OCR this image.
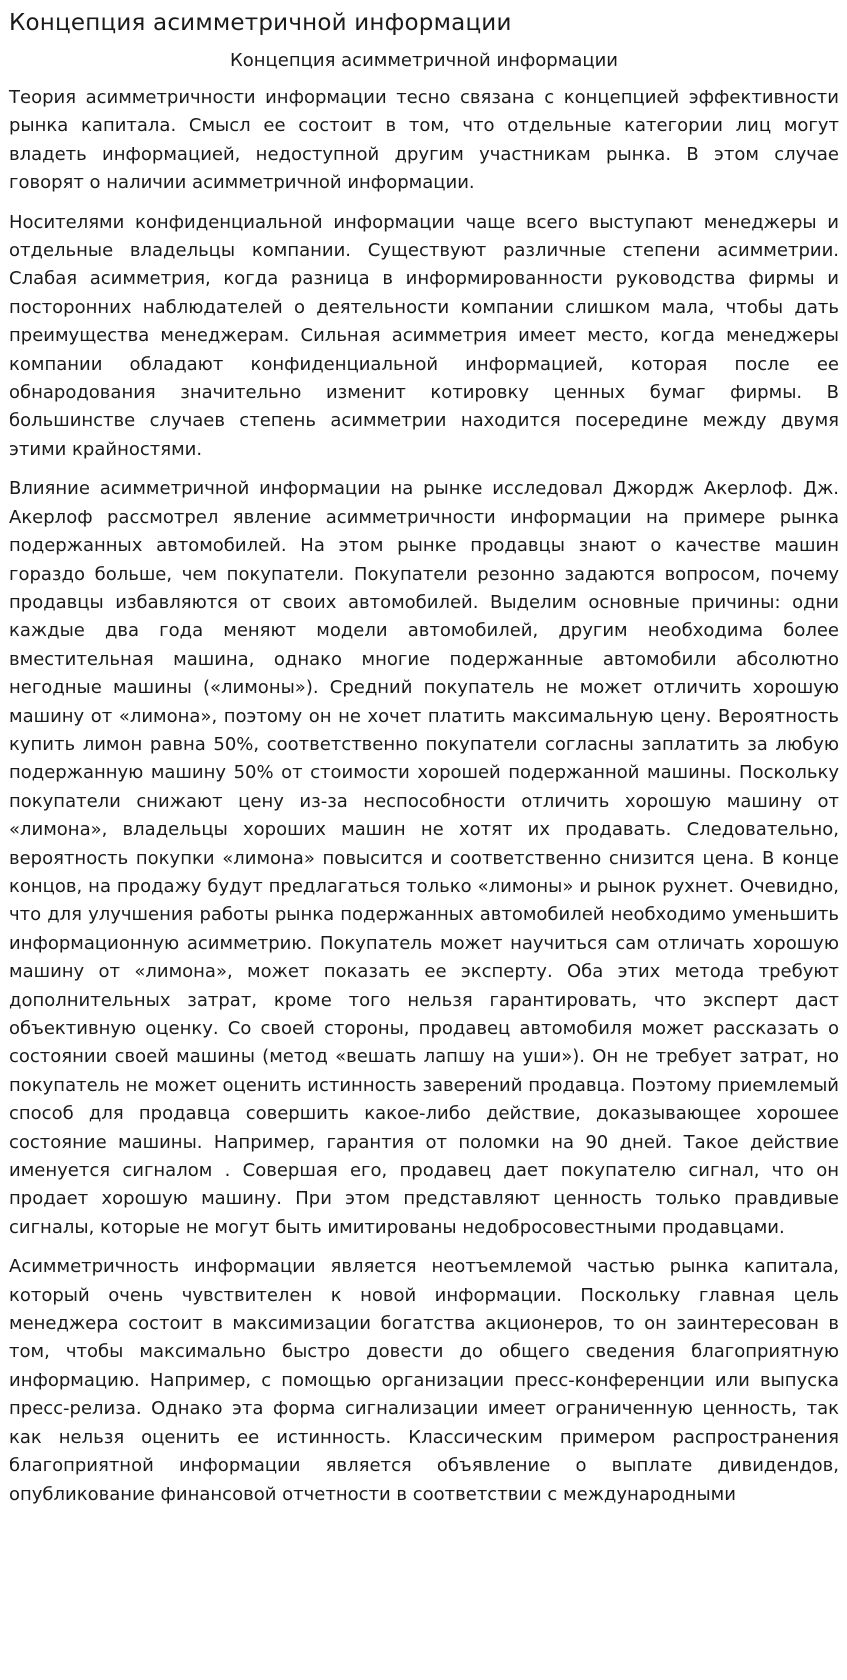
Концепция асимметричной информации
Концепция асимметричной информации

Теория асимметричности информации тесно связана с концепцией эффективности рынка капитала. Смысл ее состоит в том, что отдельные категории лиц могут владеть информацией, недоступной другим участникам рынка. В этом случае говорят о наличии асимметричной информации.

Носителями конфиденциальной информации чаще всего выступают менеджеры и отдельные владельцы компании. Существуют различные степени асимметрии. Слабая асимметрия, когда разница в информированности руководства фирмы и посторонних наблюдателей о деятельности компании слишком мала, чтобы дать преимущества менеджерам. Сильная асимметрия имеет место, когда менеджеры компании обладают конфиденциальной информацией, которая после ее обнародования значительно изменит котировку ценных бумаг фирмы. В большинстве случаев степень асимметрии находится посередине между двумя этими крайностями.

Влияние асимметричной информации на рынке исследовал Джордж Акерлоф. Дж. Акерлоф рассмотрел явление асимметричности информации на примере рынка подержанных автомобилей. На этом рынке продавцы знают о качестве машин гораздо больше, чем покупатели. Покупатели резонно задаются вопросом, почему продавцы избавляются от своих автомобилей. Выделим основные причины: одни каждые два года меняют модели автомобилей, другим необходима более вместительная машина, однако многие подержанные автомобили абсолютно негодные машины («лимоны»). Средний покупатель не может отличить хорошую машину от «лимона», поэтому он не хочет платить максимальную цену. Вероятность купить лимон равна 50%, соответственно покупатели согласны заплатить за любую подержанную машину 50% от стоимости хорошей подержанной машины. Поскольку покупатели снижают цену из-за неспособности отличить хорошую машину от «лимона», владельцы хороших машин не хотят их продавать. Следовательно, вероятность покупки «лимона» повысится и соответственно снизится цена. В конце концов, на продажу будут предлагаться только «лимоны» и рынок рухнет. Очевидно, что для улучшения работы рынка подержанных автомобилей необходимо уменьшить информационную асимметрию. Покупатель может научиться сам отличать хорошую машину от «лимона», может показать ее эксперту. Оба этих метода требуют дополнительных затрат, кроме того нельзя гарантировать, что эксперт даст объективную оценку. Со своей стороны, продавец автомобиля может рассказать о состоянии своей машины (метод «вешать лапшу на уши»). Он не требует затрат, но покупатель не может оценить истинность заверений продавца. Поэтому приемлемый способ для продавца совершить какое-либо действие, доказывающее хорошее состояние машины. Например, гарантия от поломки на 90 дней. Такое действие именуется сигналом . Совершая его, продавец дает покупателю сигнал, что он продает хорошую машину. При этом представляют ценность только правдивые сигналы, которые не могут быть имитированы недобросовестными продавцами.

Асимметричность информации является неотъемлемой частью рынка капитала, который очень чувствителен к новой информации. Поскольку главная цель менеджера состоит в максимизации богатства акционеров, то он заинтересован в том, чтобы максимально быстро довести до общего сведения благоприятную информацию. Например, с помощью организации пресс-конференции или выпуска пресс-релиза. Однако эта форма сигнализации имеет ограниченную ценность, так как нельзя оценить ее истинность. Классическим примером распространения благоприятной информации является объявление о выплате дивидендов, опубликование финансовой отчетности в соответствии с международными
